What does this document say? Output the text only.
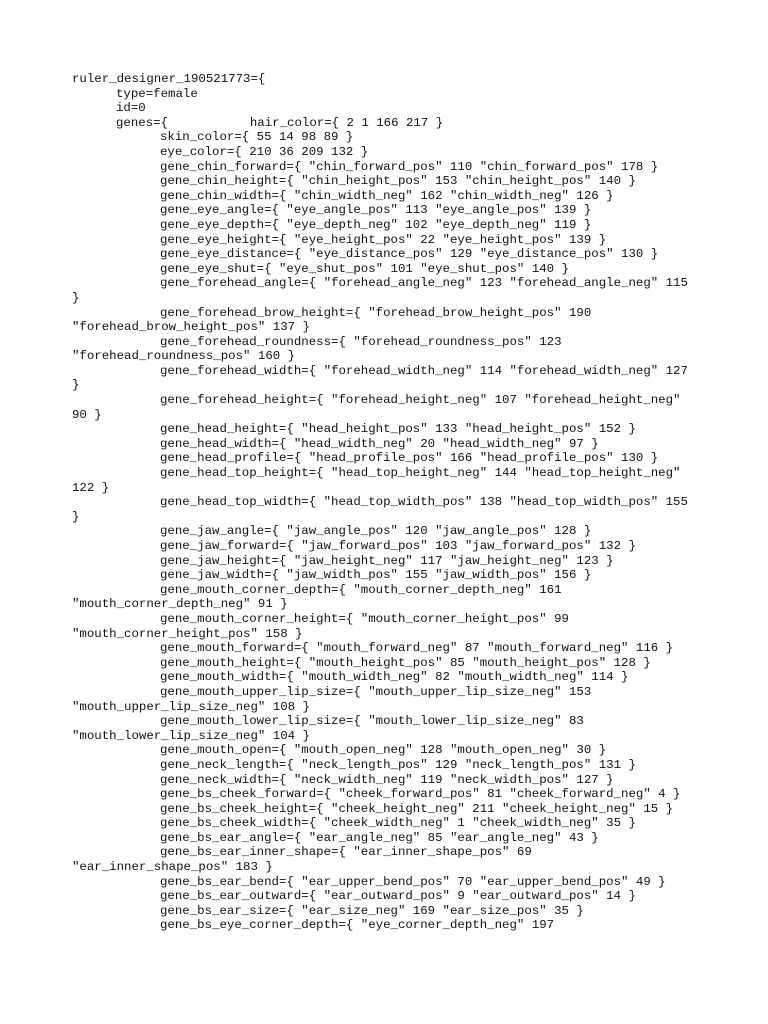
ruler_designer_190521773={
type=female
id=0
genes={           hair_color={ 2 1 166 217 }
skin_color={ 55 14 98 89 }
eye_color={ 210 36 209 132 }
gene_chin_forward={ "chin_forward_pos" 110 "chin_forward_pos" 178 }
gene_chin_height={ "chin_height_pos" 153 "chin_height_pos" 140 }
gene_chin_width={ "chin_width_neg" 162 "chin_width_neg" 126 }
gene_eye_angle={ "eye_angle_pos" 113 "eye_angle_pos" 139 }
gene_eye_depth={ "eye_depth_neg" 102 "eye_depth_neg" 119 }
gene_eye_height={ "eye_height_pos" 22 "eye_height_pos" 139 }
gene_eye_distance={ "eye_distance_pos" 129 "eye_distance_pos" 130 }
gene_eye_shut={ "eye_shut_pos" 101 "eye_shut_pos" 140 }
gene_forehead_angle={ "forehead_angle_neg" 123 "forehead_angle_neg" 115
}
gene_forehead_brow_height={ "forehead_brow_height_pos" 190
"forehead_brow_height_pos" 137 }
gene_forehead_roundness={ "forehead_roundness_pos" 123
"forehead_roundness_pos" 160 }
gene_forehead_width={ "forehead_width_neg" 114 "forehead_width_neg" 127
}
gene_forehead_height={ "forehead_height_neg" 107 "forehead_height_neg"
90 }
gene_head_height={ "head_height_pos" 133 "head_height_pos" 152 }
gene_head_width={ "head_width_neg" 20 "head_width_neg" 97 }
gene_head_profile={ "head_profile_pos" 166 "head_profile_pos" 130 }
gene_head_top_height={ "head_top_height_neg" 144 "head_top_height_neg"
122 }
gene_head_top_width={ "head_top_width_pos" 138 "head_top_width_pos" 155
}
gene_jaw_angle={ "jaw_angle_pos" 120 "jaw_angle_pos" 128 }
gene_jaw_forward={ "jaw_forward_pos" 103 "jaw_forward_pos" 132 }
gene_jaw_height={ "jaw_height_neg" 117 "jaw_height_neg" 123 }
gene_jaw_width={ "jaw_width_pos" 155 "jaw_width_pos" 156 }
gene_mouth_corner_depth={ "mouth_corner_depth_neg" 161
"mouth_corner_depth_neg" 91 }
gene_mouth_corner_height={ "mouth_corner_height_pos" 99
"mouth_corner_height_pos" 158 }
gene_mouth_forward={ "mouth_forward_neg" 87 "mouth_forward_neg" 116 }
gene_mouth_height={ "mouth_height_pos" 85 "mouth_height_pos" 128 }
gene_mouth_width={ "mouth_width_neg" 82 "mouth_width_neg" 114 }
gene_mouth_upper_lip_size={ "mouth_upper_lip_size_neg" 153
"mouth_upper_lip_size_neg" 108 }
gene_mouth_lower_lip_size={ "mouth_lower_lip_size_neg" 83
"mouth_lower_lip_size_neg" 104 }
gene_mouth_open={ "mouth_open_neg" 128 "mouth_open_neg" 30 }
gene_neck_length={ "neck_length_pos" 129 "neck_length_pos" 131 }
gene_neck_width={ "neck_width_neg" 119 "neck_width_pos" 127 }
gene_bs_cheek_forward={ "cheek_forward_pos" 81 "cheek_forward_neg" 4 }
gene_bs_cheek_height={ "cheek_height_neg" 211 "cheek_height_neg" 15 }
gene_bs_cheek_width={ "cheek_width_neg" 1 "cheek_width_neg" 35 }
gene_bs_ear_angle={ "ear_angle_neg" 85 "ear_angle_neg" 43 }
gene_bs_ear_inner_shape={ "ear_inner_shape_pos" 69
"ear_inner_shape_pos" 183 }
gene_bs_ear_bend={ "ear_upper_bend_pos" 70 "ear_upper_bend_pos" 49 }
gene_bs_ear_outward={ "ear_outward_pos" 9 "ear_outward_pos" 14 }
gene_bs_ear_size={ "ear_size_neg" 169 "ear_size_pos" 35 }
gene_bs_eye_corner_depth={ "eye_corner_depth_neg" 197
